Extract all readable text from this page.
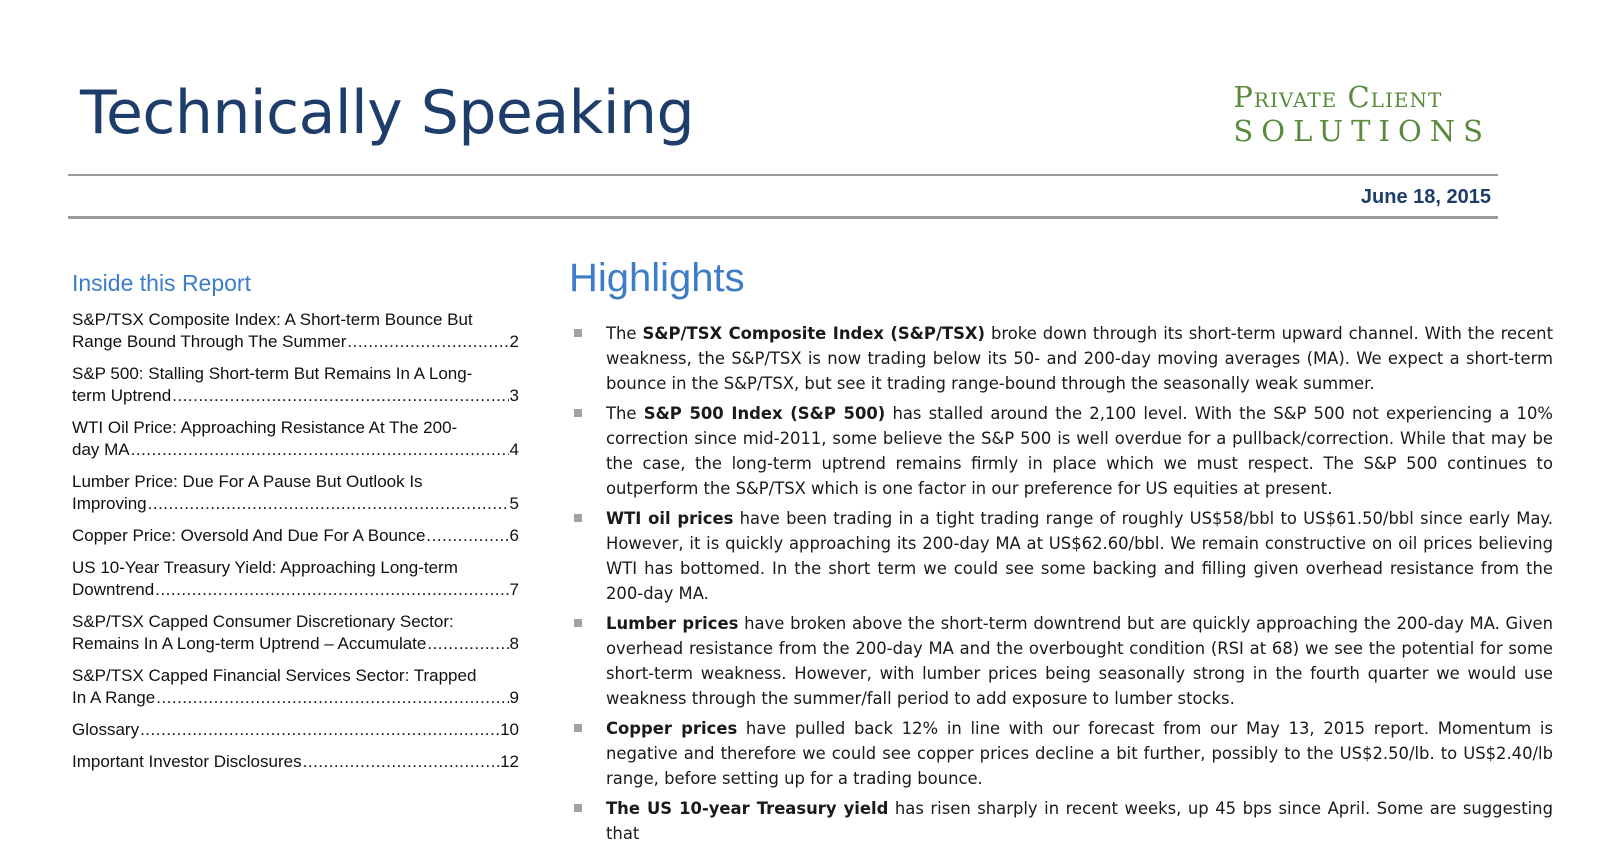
Technically Speaking	Private Client
SOLUTIONS
June 18, 2015
Inside this Report
S&P/TSX Composite Index: A Short-term Bounce But
Range Bound Through The Summer .....	2
S&P 500: Stalling Short-term But Remains In A Long-
term Uptrend .....	3
WTI Oil Price: Approaching Resistance At The 200-
day MA .....	4
Lumber Price: Due For A Pause But Outlook Is
Improving .....	5
Copper Price: Oversold And Due For A Bounce .....	6
US 10-Year Treasury Yield: Approaching Long-term
Downtrend .....	7
S&P/TSX Capped Consumer Discretionary Sector:
Remains In A Long-term Uptrend – Accumulate .....	8
S&P/TSX Capped Financial Services Sector: Trapped
In A Range .....	9
Glossary .....	10
Important Investor Disclosures .....	12
Highlights
The S&P/TSX Composite Index (S&P/TSX) broke down through its short-term upward channel. With the recent weakness, the S&P/TSX is now trading below its 50- and 200-day moving averages (MA). We expect a short-term bounce in the S&P/TSX, but see it trading range-bound through the seasonally weak summer.
The S&P 500 Index (S&P 500) has stalled around the 2,100 level. With the S&P 500 not experiencing a 10% correction since mid-2011, some believe the S&P 500 is well overdue for a pullback/correction. While that may be the case, the long-term uptrend remains firmly in place which we must respect. The S&P 500 continues to outperform the S&P/TSX which is one factor in our preference for US equities at present.
WTI oil prices have been trading in a tight trading range of roughly US$58/bbl to US$61.50/bbl since early May. However, it is quickly approaching its 200-day MA at US$62.60/bbl. We remain constructive on oil prices believing WTI has bottomed. In the short term we could see some backing and filling given overhead resistance from the 200-day MA.
Lumber prices have broken above the short-term downtrend but are quickly approaching the 200-day MA. Given overhead resistance from the 200-day MA and the overbought condition (RSI at 68) we see the potential for some short-term weakness. However, with lumber prices being seasonally strong in the fourth quarter we would use weakness through the summer/fall period to add exposure to lumber stocks.
Copper prices have pulled back 12% in line with our forecast from our May 13, 2015 report. Momentum is negative and therefore we could see copper prices decline a bit further, possibly to the US$2.50/lb. to US$2.40/lb range, before setting up for a trading bounce.
The US 10-year Treasury yield has risen sharply in recent weeks, up 45 bps since April. Some are suggesting that
